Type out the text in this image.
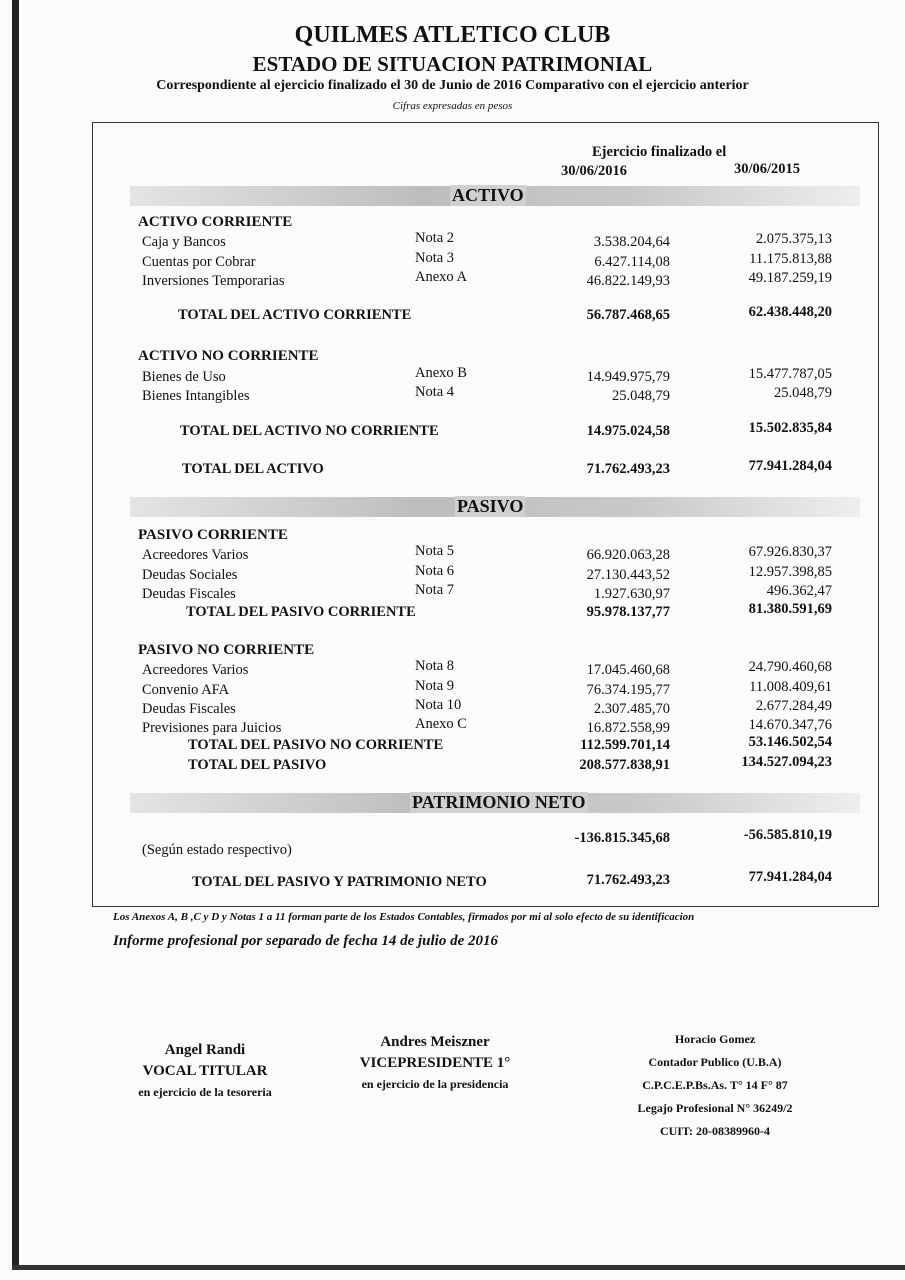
QUILMES ATLETICO CLUB
ESTADO DE SITUACION PATRIMONIAL
Correspondiente al ejercicio finalizado el 30 de Junio de 2016 Comparativo con el ejercicio anterior
Cifras expresadas en pesos
Ejercicio finalizado el
30/06/2016	30/06/2015
ACTIVO
PASIVO
PATRIMONIO NETO
ACTIVO CORRIENTE
Caja y Bancos	Nota 2	3.538.204,64	2.075.375,13
Cuentas por Cobrar	Nota 3	6.427.114,08	11.175.813,88
Inversiones Temporarias	Anexo A	46.822.149,93	49.187.259,19
TOTAL DEL ACTIVO CORRIENTE	56.787.468,65	62.438.448,20
ACTIVO NO CORRIENTE
Bienes de Uso	Anexo B	14.949.975,79	15.477.787,05
Bienes Intangibles	Nota 4	25.048,79	25.048,79
TOTAL DEL ACTIVO NO CORRIENTE	14.975.024,58	15.502.835,84
TOTAL DEL ACTIVO	71.762.493,23	77.941.284,04
PASIVO CORRIENTE
Acreedores Varios	Nota 5	66.920.063,28	67.926.830,37
Deudas Sociales	Nota 6	27.130.443,52	12.957.398,85
Deudas Fiscales	Nota 7	1.927.630,97	496.362,47
TOTAL DEL PASIVO CORRIENTE	95.978.137,77	81.380.591,69
PASIVO NO CORRIENTE
Acreedores Varios	Nota 8	17.045.460,68	24.790.460,68
Convenio AFA	Nota 9	76.374.195,77	11.008.409,61
Deudas Fiscales	Nota 10	2.307.485,70	2.677.284,49
Previsiones para Juicios	Anexo C	16.872.558,99	14.670.347,76
TOTAL DEL PASIVO NO CORRIENTE	112.599.701,14	53.146.502,54
TOTAL DEL PASIVO	208.577.838,91	134.527.094,23
(Según estado respectivo)
-136.815.345,68	-56.585.810,19
TOTAL DEL PASIVO Y PATRIMONIO NETO	71.762.493,23	77.941.284,04
Los Anexos A, B ,C y D y Notas 1 a 11 forman parte de los Estados Contables, firmados por mi al solo efecto de su identificacion
Informe profesional por separado de fecha 14 de julio de 2016
Angel Randi
VOCAL TITULAR
en ejercicio de la tesoreria
Andres Meiszner
VICEPRESIDENTE 1°
en ejercicio de la presidencia
Horacio Gomez
Contador Publico (U.B.A)
C.P.C.E.P.Bs.As. T° 14 F° 87
Legajo Profesional N° 36249/2
CUIT: 20-08389960-4
